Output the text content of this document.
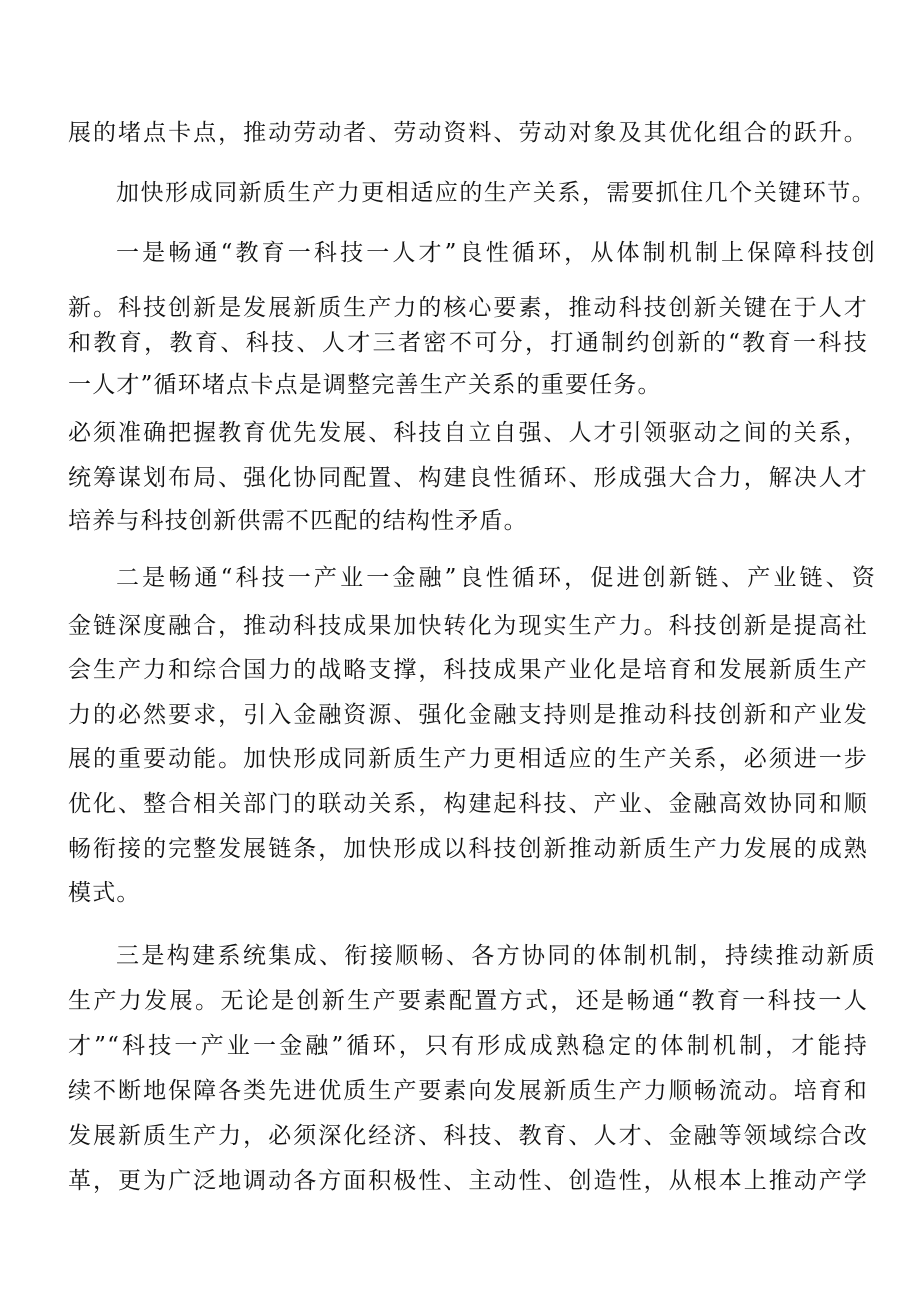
展的堵点卡点，推动劳动者、劳动资料、劳动对象及其优化组合的跃升。
加快形成同新质生产力更相适应的生产关系，需要抓住几个关键环节。
一是畅通“教育一科技一人才”良性循环，从体制机制上保障科技创
新。科技创新是发展新质生产力的核心要素，推动科技创新关键在于人才
和教育，教育、科技、人才三者密不可分，打通制约创新的“教育一科技
一人才”循环堵点卡点是调整完善生产关系的重要任务。
必须准确把握教育优先发展、科技自立自强、人才引领驱动之间的关系，
统筹谋划布局、强化协同配置、构建良性循环、形成强大合力，解决人才
培养与科技创新供需不匹配的结构性矛盾。
二是畅通“科技一产业一金融”良性循环，促进创新链、产业链、资
金链深度融合，推动科技成果加快转化为现实生产力。科技创新是提高社
会生产力和综合国力的战略支撑，科技成果产业化是培育和发展新质生产
力的必然要求，引入金融资源、强化金融支持则是推动科技创新和产业发
展的重要动能。加快形成同新质生产力更相适应的生产关系，必须进一步
优化、整合相关部门的联动关系，构建起科技、产业、金融高效协同和顺
畅衔接的完整发展链条，加快形成以科技创新推动新质生产力发展的成熟
模式。
三是构建系统集成、衔接顺畅、各方协同的体制机制，持续推动新质
生产力发展。无论是创新生产要素配置方式，还是畅通“教育一科技一人
才”“科技一产业一金融”循环，只有形成成熟稳定的体制机制，才能持
续不断地保障各类先进优质生产要素向发展新质生产力顺畅流动。培育和
发展新质生产力，必须深化经济、科技、教育、人才、金融等领域综合改
革，更为广泛地调动各方面积极性、主动性、创造性，从根本上推动产学
